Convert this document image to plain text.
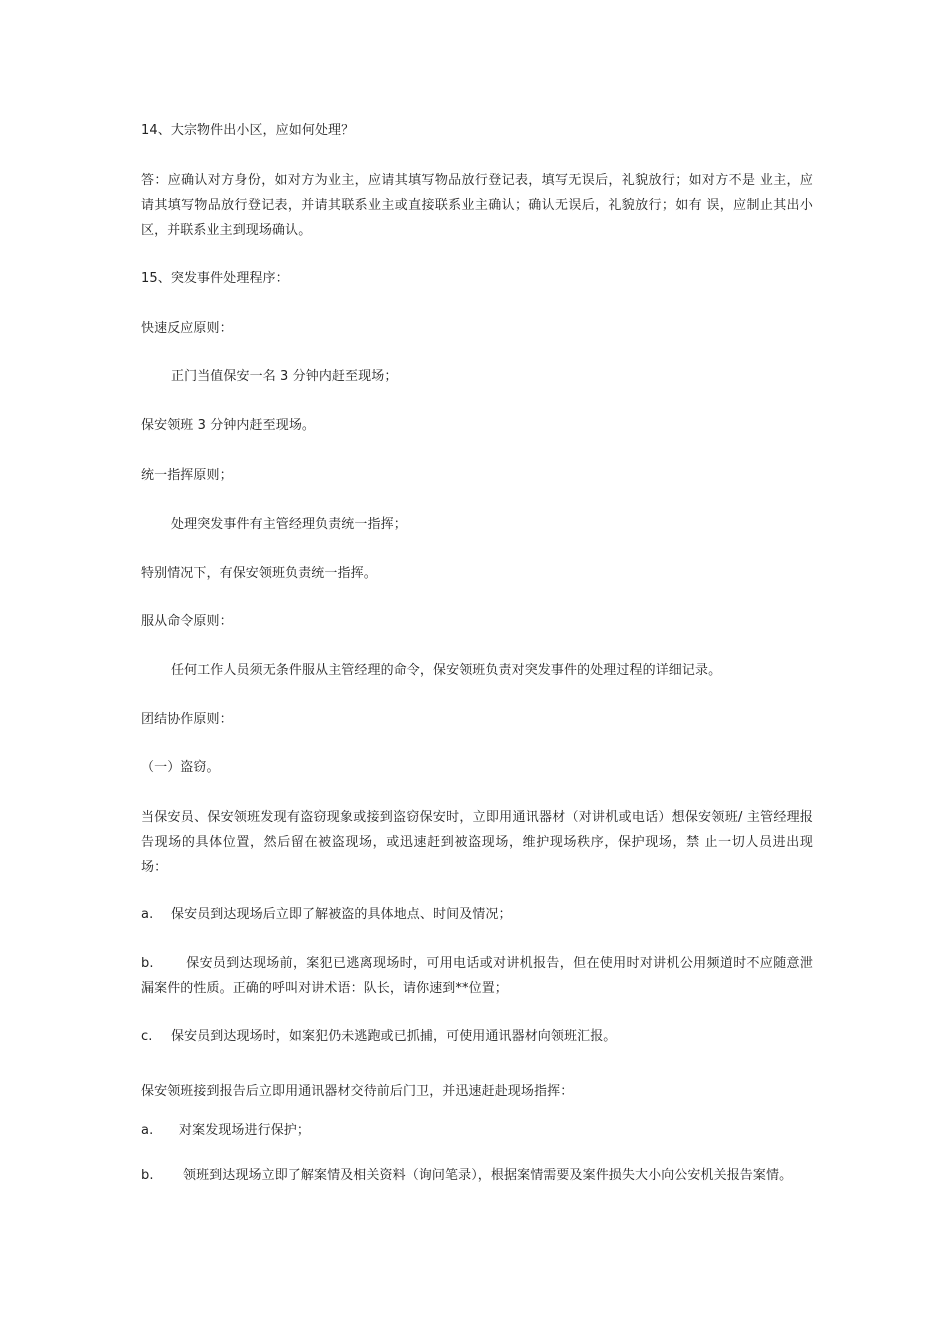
14、大宗物件出小区，应如何处理？

答：应确认对方身份，如对方为业主，应请其填写物品放行登记表，填写无误后，礼貌放行；如对方不是 业主，应请其填写物品放行登记表，并请其联系业主或直接联系业主确认；确认无误后，礼貌放行；如有 误，应制止其出小区，并联系业主到现场确认。

15、突发事件处理程序：

快速反应原则：

正门当值保安一名 3 分钟内赶至现场；

保安领班 3 分钟内赶至现场。

统一指挥原则；

处理突发事件有主管经理负责统一指挥；

特别情况下，有保安领班负责统一指挥。

服从命令原则：

任何工作人员须无条件服从主管经理的命令，保安领班负责对突发事件的处理过程的详细记录。

团结协作原则：

（一）盗窃。

当保安员、保安领班发现有盗窃现象或接到盗窃保安时，立即用通讯器材（对讲机或电话）想保安领班/ 主管经理报告现场的具体位置，然后留在被盗现场，或迅速赶到被盗现场，维护现场秩序，保护现场，禁 止一切人员进出现场：

a. 保安员到达现场后立即了解被盗的具体地点、时间及情况；

b. 保安员到达现场前，案犯已逃离现场时，可用电话或对讲机报告，但在使用时对讲机公用频道时不应随意泄漏案件的性质。正确的呼叫对讲术语：队长，请你速到**位置；

c. 保安员到达现场时，如案犯仍未逃跑或已抓捕，可使用通讯器材向领班汇报。

保安领班接到报告后立即用通讯器材交待前后门卫，并迅速赶赴现场指挥：

a. 对案发现场进行保护；

b. 领班到达现场立即了解案情及相关资料（询问笔录），根据案情需要及案件损失大小向公安机关报告案情。
